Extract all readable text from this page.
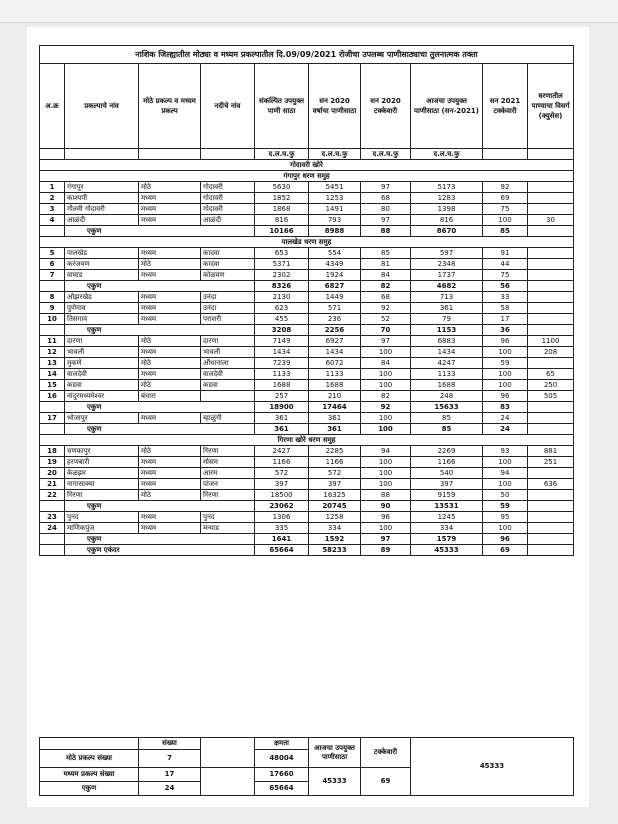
नाशिक जिल्ह्यातील मोठ्या व मध्यम प्रकल्पातील दि.09/09/2021 रोजीचा उपलब्ध पाणीसाठ्याचा तुलनात्मक तक्ता									
अ.क्र	प्रकल्पाचे नांव	मोठे प्रकल्प व मध्यम प्रकल्प	नदीचे नांव	संकल्पित उपयुक्त पाणी साठा	सन 2020 वर्षाचा पाणीसाठा	सन 2020 टक्केवारी	आजचा उपयुक्त पाणीसाठा (सन-2021)	सन 2021 टक्केवारी	धरणातील पाण्याचा विसर्ग (क्युसेस)
				द.ल.घ.फु	द.ल.घ.फु	द.ल.घ.फु	द.ल.घ.फु		
गोदावरी खोरे									
गंगापुर धरण समुह									
1	गंगापुर	मोठे	गोदावरी	5630	5451	97	5173	92	
2	काश्यपी	मध्यम	गोदावरी	1852	1253	68	1283	69	
3	गौतमी गोदावरी	मध्यम	गोदावरी	1868	1491	80	1398	75	
4	आळंदी	मध्यम	आळंदी	816	793	97	816	100	30
	एकुण			10166	8988	88	8670	85	
पालखेड धरण समुह									
5	पालखेड	मध्यम	कादवा	653	554	85	597	91	
6	करंजवण	मोठे	कादवा	5371	4349	81	2348	44	
7	वाघाड	मध्यम	कोळवण	2302	1924	84	1737	75	
	एकुण			8326	6827	82	4682	56	
8	ओझरखेड	मध्यम	उनंदा	2130	1449	68	713	33	
9	पुणेगाव	मध्यम	उनंदा	623	571	92	361	58	
10	तिसगाव	मध्यम	पराशरी	455	236	52	79	17	
	एकुण			3208	2256	70	1153	36	
11	दारणा	मोठे	दारणा	7149	6927	97	6883	96	1100
12	भावली	मध्यम	भावली	1434	1434	100	1434	100	208
13	मुकणे	मोठे	औंधानाला	7239	6072	84	4247	59	
14	वालदेवी	मध्यम	वालदेवी	1133	1133	100	1133	100	65
15	कडवा	मोठे	कडवा	1688	1688	100	1688	100	250
16	नांदुरमध्यमेश्वर	बंधारा		257	210	82	248	96	505
	एकुण			18900	17464	92	15633	83	
17	भोजापुर	मध्यम	म्हाळुंगी	361	361	100	85	24	
	एकुण			361	361	100	85	24	
गिरणा खोरे धरण समुह									
18	चणकापुर	मोठे	गिरणा	2427	2285	94	2269	93	881
19	हरणबारी	मध्यम	मोसम	1166	1166	100	1166	100	251
20	केळझर	मध्यम	आरम	572	572	100	540	94	
21	नागासाक्या	मध्यम	पांजन	397	397	100	397	100	636
22	गिरणा	मोठे	गिरणा	18500	16325	88	9159	50	
	एकुण			23062	20745	90	13531	59	
23	पुनद	मध्यम	पुनद	1306	1258	96	1245	95	
24	माणिकपुंज	मध्यम	मन्याड	335	334	100	334	100	
	एकुण			1641	1592	97	1579	96	
	एकुण एकंदर			65664	58233	89	45333	69	
	संख्या		क्षमता	आजचा उपयुक्त पाणीसाठा	टक्केवारी	45333
मोठे प्रकल्प संख्या	7		48004			
मध्यम प्रकल्प संख्या	17		17660	45333	69	
एकुण	24		65664			
